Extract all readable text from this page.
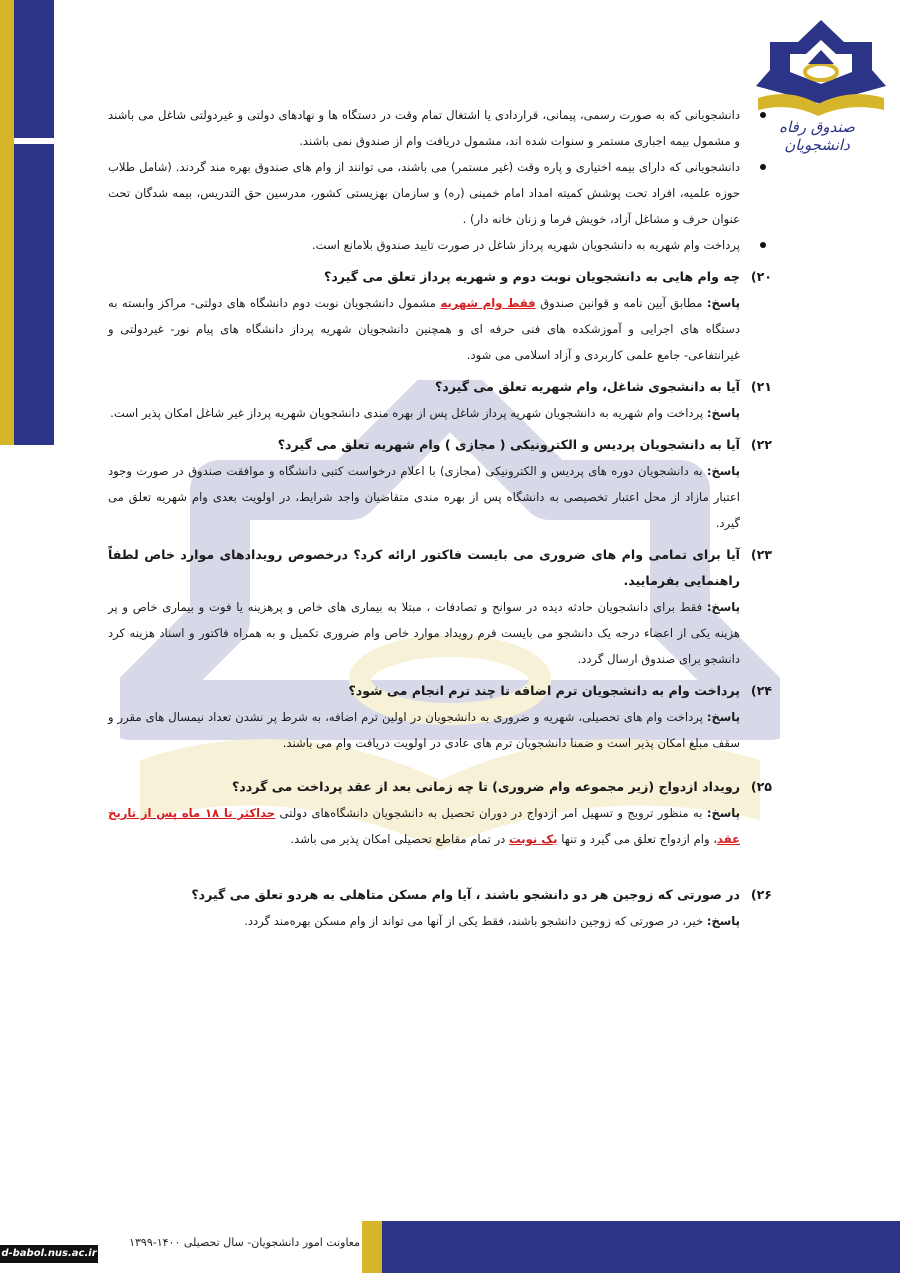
صندوق رفاه دانشجویان
دانشجویانی که به صورت رسمی، پیمانی، قراردادی یا اشتغال تمام وقت در دستگاه ها و نهادهای دولتی و غیردولتی شاغل می باشند و مشمول بیمه اجباری مستمر و سنوات شده اند، مشمول دریافت وام از صندوق نمی باشند.
دانشجویانی که دارای بیمه اختیاری و پاره وقت (غیر مستمر) می باشند، می توانند از وام های صندوق بهره مند گردند. (شامل طلاب حوزه علمیه، افراد تحت پوشش کمیته امداد امام خمینی (ره) و سازمان بهزیستی کشور، مدرسین حق التدریس، بیمه شدگان تحت عنوان حرف و مشاغل آزاد، خویش فرما و زنان خانه دار) .
پرداخت وام شهریه به دانشجویان شهریه پرداز شاغل در صورت تایید صندوق بلامانع است.
۲۰)
چه وام هایی به دانشجویان نوبت دوم و شهریه پرداز تعلق می گیرد؟

پاسخ: مطابق آیین نامه و قوانین صندوق فقط وام شهریه مشمول دانشجویان نوبت دوم دانشگاه های دولتی- مراکز وابسته به دستگاه های اجرایی و آموزشکده های فنی حرفه ای و همچنین دانشجویان شهریه پرداز دانشگاه های پیام نور- غیردولتی و غیرانتفاعی- جامع علمی کاربردی و آزاد اسلامی می شود.

۲۱)
آیا به دانشجوی شاغل، وام شهریه تعلق می گیرد؟

پاسخ: پرداخت وام شهریه به دانشجویان شهریه پرداز شاغل پس از بهره مندی دانشجویان شهریه پرداز غیر شاغل امکان پذیر است.

۲۲)
آیا به دانشجویان پردیس و الکترونیکی ( مجازی ) وام شهریه تعلق می گیرد؟

پاسخ: به دانشجویان دوره های پردیس و الکترونیکی (مجازی) با اعلام درخواست کتبی دانشگاه و موافقت صندوق در صورت وجود اعتبار مازاد از محل اعتبار تخصیصی به دانشگاه پس از بهره مندی متقاضیان واجد شرایط، در اولویت بعدی وام شهریه تعلق می گیرد.

۲۳)
آیا برای تمامی وام های ضروری می بایست فاکتور ارائه کرد؟ درخصوص رویدادهای موارد خاص لطفاً راهنمایی بفرمایید.

پاسخ: فقط برای دانشجویان حادثه دیده در سوانح و تصادفات ، مبتلا به بیماری های خاص و پرهزینه یا فوت و بیماری خاص و پر هزینه یکی از اعضاء درجه یک دانشجو می بایست فرم رویداد موارد خاص وام ضروری تکمیل و به همراه فاکتور و اسناد هزینه کرد دانشجو برای صندوق ارسال گردد.

۲۴)
پرداخت وام به دانشجویان ترم اضافه تا چند ترم انجام می شود؟

پاسخ: پرداخت وام های تحصیلی، شهریه و ضروری به دانشجویان در اولین ترم اضافه، به شرط پر نشدن تعداد نیمسال های مقرر و سقف مبلغ امکان پذیر است و ضمنا دانشجویان ترم های عادی در اولویت دریافت وام می باشند.

۲۵)
رویداد ازدواج (زیر مجموعه وام ضروری) تا چه زمانی بعد از عقد پرداخت می گردد؟

پاسخ: به منظور ترویج و تسهیل امر ازدواج در دوران تحصیل به دانشجویان دانشگاه‌های دولتی حداکثر تا ۱۸ ماه پس از تاریخ عقد، وام ازدواج تعلق می گیرد و تنها یک نوبت در تمام مقاطع تحصیلی امکان پذیر می باشد.

۲۶)
در صورتی که زوجین هر دو دانشجو باشند ، آیا وام مسکن متاهلی به هردو تعلق می گیرد؟

پاسخ: خیر، در صورتی که زوجین دانشجو باشند، فقط یکی از آنها می تواند از وام مسکن بهره‌مند گردد.

معاونت امور دانشجویان- سال تحصیلی ۱۴۰۰-۱۳۹۹
d-babol.nus.ac.ir
